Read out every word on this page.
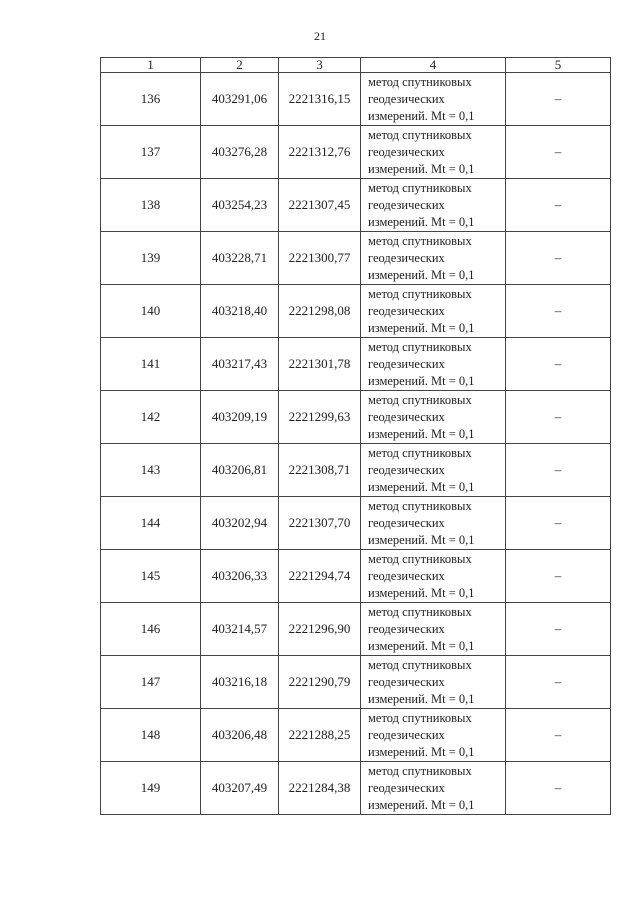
21
1	2	3	4	5
136	403291,06	2221316,15	метод спутниковых
геодезических
измерений. Mt = 0,1	–
137	403276,28	2221312,76	метод спутниковых
геодезических
измерений. Mt = 0,1	–
138	403254,23	2221307,45	метод спутниковых
геодезических
измерений. Mt = 0,1	–
139	403228,71	2221300,77	метод спутниковых
геодезических
измерений. Mt = 0,1	–
140	403218,40	2221298,08	метод спутниковых
геодезических
измерений. Mt = 0,1	–
141	403217,43	2221301,78	метод спутниковых
геодезических
измерений. Mt = 0,1	–
142	403209,19	2221299,63	метод спутниковых
геодезических
измерений. Mt = 0,1	–
143	403206,81	2221308,71	метод спутниковых
геодезических
измерений. Mt = 0,1	–
144	403202,94	2221307,70	метод спутниковых
геодезических
измерений. Mt = 0,1	–
145	403206,33	2221294,74	метод спутниковых
геодезических
измерений. Mt = 0,1	–
146	403214,57	2221296,90	метод спутниковых
геодезических
измерений. Mt = 0,1	–
147	403216,18	2221290,79	метод спутниковых
геодезических
измерений. Mt = 0,1	–
148	403206,48	2221288,25	метод спутниковых
геодезических
измерений. Mt = 0,1	–
149	403207,49	2221284,38	метод спутниковых
геодезических
измерений. Mt = 0,1	–
